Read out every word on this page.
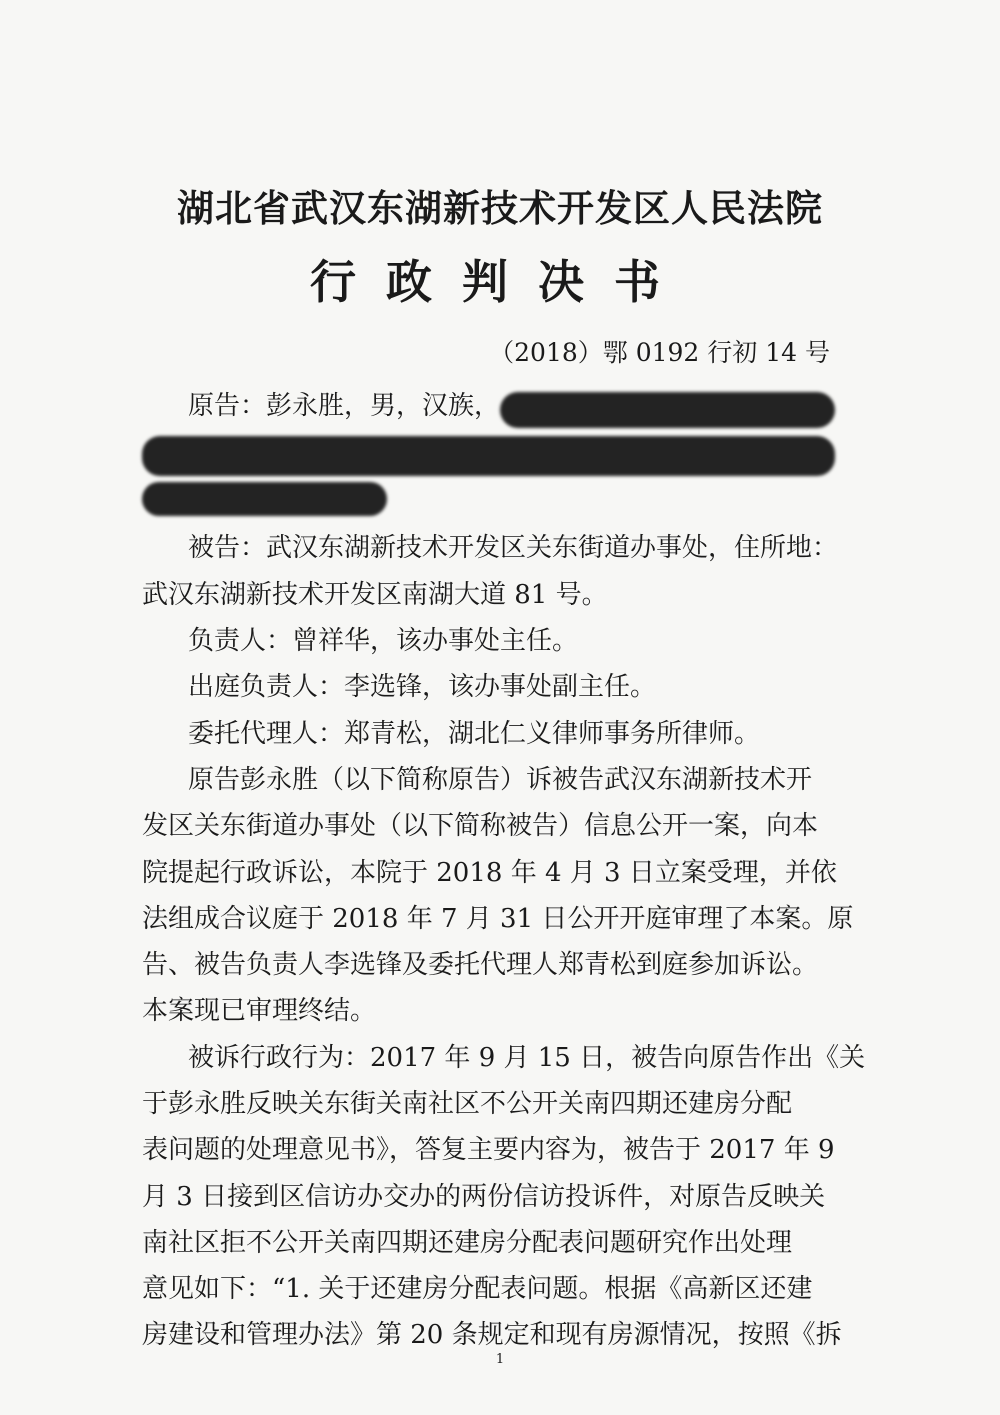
湖北省武汉东湖新技术开发区人民法院
行政判决书
（2018）鄂 0192 行初 14 号
原告：彭永胜，男，汉族，
被告：武汉东湖新技术开发区关东街道办事处，住所地：
武汉东湖新技术开发区南湖大道 81 号。
负责人：曾祥华，该办事处主任。
出庭负责人：李选锋，该办事处副主任。
委托代理人：郑青松，湖北仁义律师事务所律师。
原告彭永胜（以下简称原告）诉被告武汉东湖新技术开
发区关东街道办事处（以下简称被告）信息公开一案，向本
院提起行政诉讼，本院于 2018 年 4 月 3 日立案受理，并依
法组成合议庭于 2018 年 7 月 31 日公开开庭审理了本案。原
告、被告负责人李选锋及委托代理人郑青松到庭参加诉讼。
本案现已审理终结。
被诉行政行为：2017 年 9 月 15 日，被告向原告作出《关
于彭永胜反映关东街关南社区不公开关南四期还建房分配
表问题的处理意见书》，答复主要内容为，被告于 2017 年 9
月 3 日接到区信访办交办的两份信访投诉件，对原告反映关
南社区拒不公开关南四期还建房分配表问题研究作出处理
意见如下：“1. 关于还建房分配表问题。根据《高新区还建
房建设和管理办法》第 20 条规定和现有房源情况，按照《拆
1
